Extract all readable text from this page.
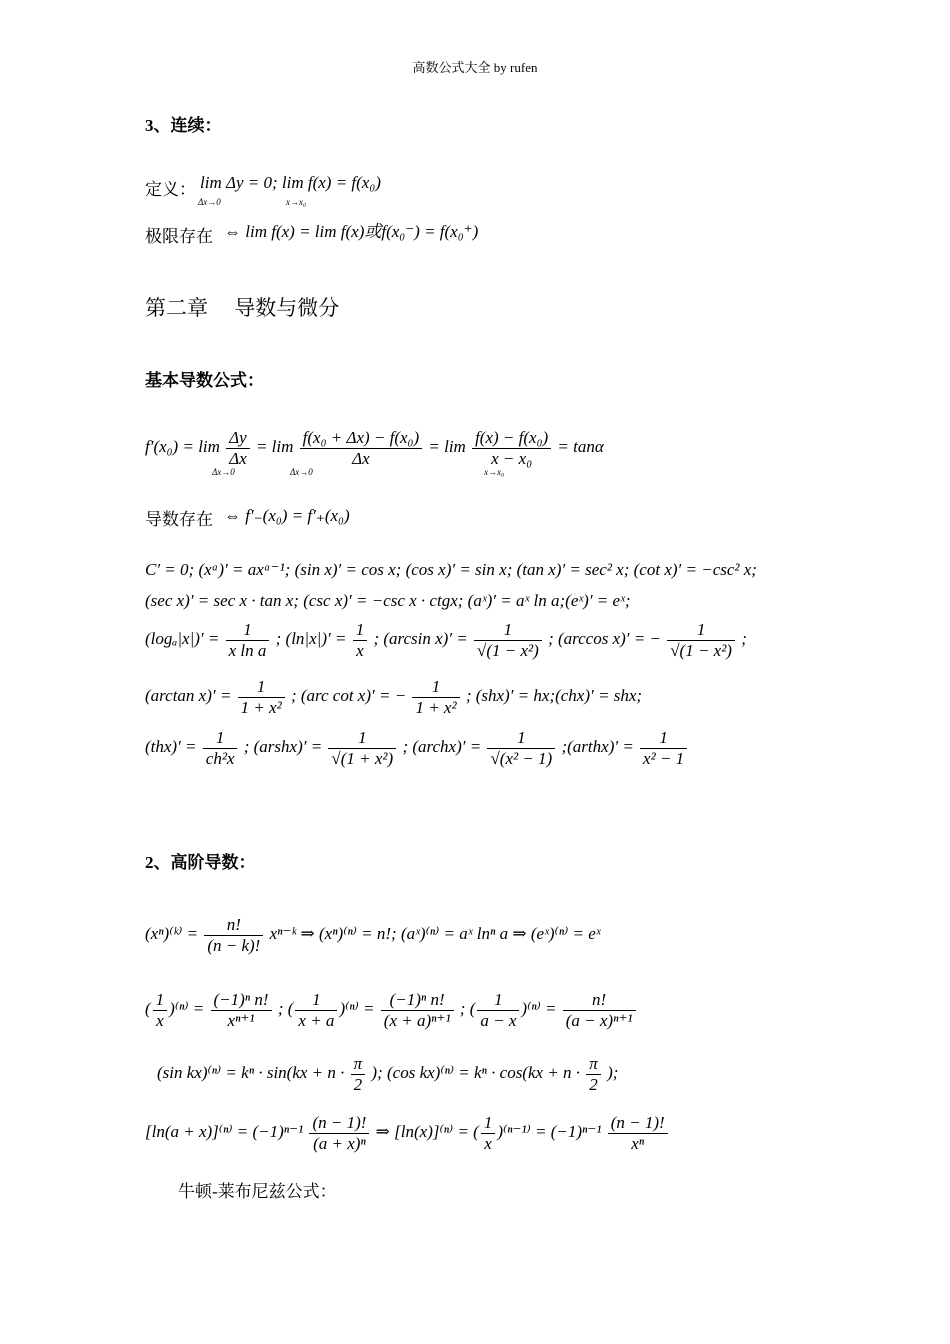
高数公式大全 by rufen
3、连续：
定义： lim Δy = 0; lim f(x) = f(x₀)
Δx→0	x→x₀
极限存在 ⇔ lim f(x) = lim f(x)或f(x₀⁻) = f(x₀⁺)
第二章　 导数与微分
基本导数公式：
$f'(x_0) = \lim \frac{\Delta y}{\Delta x} = \lim \frac{\text{f(x₀ + Δx) − f(x₀)}}{\Delta x} = \lim \frac{\text{f(x) − f(x₀)}}{\text{x − x₀}} = \tan\alpha$
Δx→0	Δx→0	x→x₀
导数存在 ⇔ f′₋(x₀) = f′₊(x₀)
C′ = 0; (xᵃ)′ = axᵃ⁻¹; (sin x)′ = cos x; (cos x)′ = sin x; (tan x)′ = sec² x; (cot x)′ = −csc² x;
(sec x)′ = sec x · tan x; (csc x)′ = −csc x · ctgx; (aˣ)′ = aˣ ln a;(eˣ)′ = eˣ;
$(\log_a|x|)' = \frac{1}{\text{x ln a}}$ ; $(\ln|x|)' = \frac{1}{x}$ ; (arcsin $x)' = \frac{1}{\text{√(1 − x²)}}$ ; (arccos x)′ = − $\frac{1}{\text{√(1 − x²)}}$ ;
(arctan $x)' = \frac{1}{\text{1 + x²}}$ ; (arc cot x)′ = − $\frac{1}{\text{1 + x²}}$ ; (shx)′ = hx;(chx)′ = shx;
$(thx)' = \frac{1}{\text{ch²x}}$ ; (arshx)′ = $\frac{1}{\text{√(1 + x²)}}$ ; (archx)′ = $\frac{1}{\text{√(x² − 1)}}$ ;(arthx)′ = $\frac{1}{\text{x² − 1}}$
2、高阶导数：
(xⁿ)⁽ᵏ⁾ = $\frac{n!}{(n - k)!}$ xⁿ⁻ᵏ ⇒ (xⁿ)⁽ⁿ⁾ = n!; (aˣ)⁽ⁿ⁾ = aˣ lnⁿ a ⇒ (eˣ)⁽ⁿ⁾ = eˣ
( $\frac{1}{x} )^{(n)} = \frac{\text{(−1)ⁿ n!}}{\text{xⁿ⁺¹}}$ ; ( $\frac{1}{x + a} )^{(n)} = \frac{\text{(−1)ⁿ n!}}{\text{(x + a)ⁿ⁺¹}}$ ; ( $\frac{1}{a - x} )^{(n)} = \frac{n!}{\text{(a − x)ⁿ⁺¹}}$
(sin $kx)^{(n)} = k^n \cdot \sin(kx + n \cdot \frac{\pi}{2}$ ); (cos $kx)^{(n)} = k^n \cdot \cos(kx + n \cdot \frac{\pi}{2}$ );
$[\ln(a + x)]^{(n)} = (-1)^{n-1} \frac{(n - 1)!}{\text{(a + x)ⁿ}}$ ⇒ [ln(x)]⁽ⁿ⁾ = ( $\frac{1}{x} )^{(n-1)} = (-1)^{n-1} \frac{(n - 1)!}{\text{xⁿ}}$
牛顿-莱布尼兹公式：
